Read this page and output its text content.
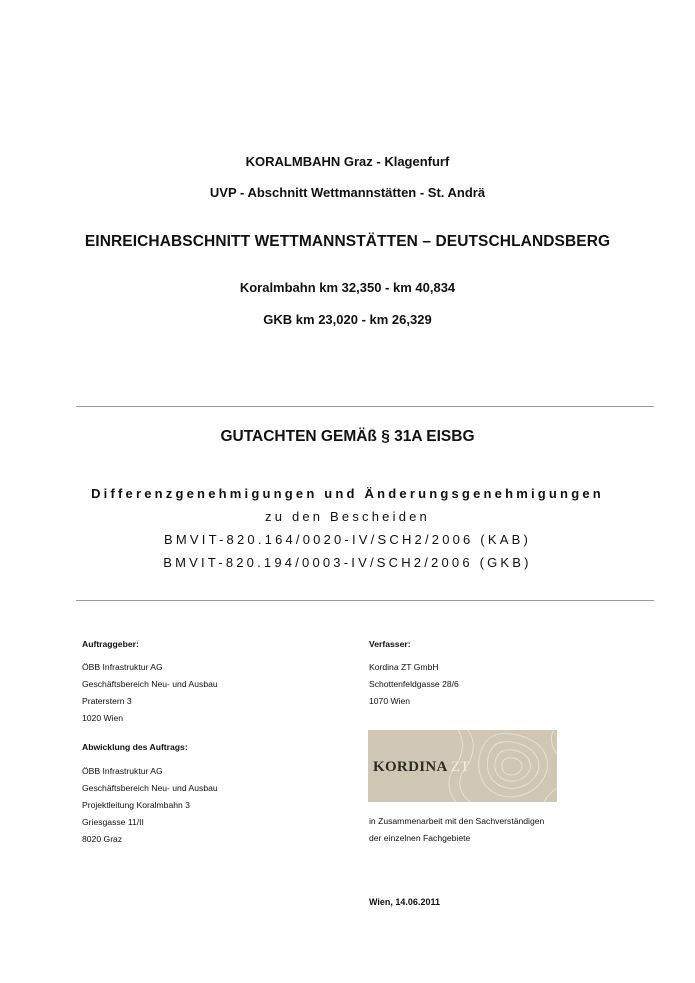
KORALMBAHN Graz - Klagenfurf
UVP - Abschnitt Wettmannstätten - St. Andrä
EINREICHABSCHNITT WETTMANNSTÄTTEN – DEUTSCHLANDSBERG
Koralmbahn km 32,350 - km 40,834
GKB km 23,020 - km 26,329
GUTACHTEN GEMÄß § 31A EISBG
Differenzgenehmigungen und Änderungsgenehmigungen
zu den Bescheiden
BMVIT-820.164/0020-IV/SCH2/2006 (KAB)
BMVIT-820.194/0003-IV/SCH2/2006 (GKB)
Auftraggeber:
ÖBB Infrastruktur AG
Geschäftsbereich Neu- und Ausbau
Praterstern 3
1020 Wien
Abwicklung des Auftrags:
ÖBB Infrastruktur AG
Geschäftsbereich Neu- und Ausbau
Projektleitung Koralmbahn 3
Griesgasse 11/II
8020 Graz
Verfasser:
Kordina ZT GmbH
Schottenfeldgasse 28/6
1070 Wien
KORDINA ZT
in Zusammenarbeit mit den Sachverständigen
der einzelnen Fachgebiete
Wien, 14.06.2011
